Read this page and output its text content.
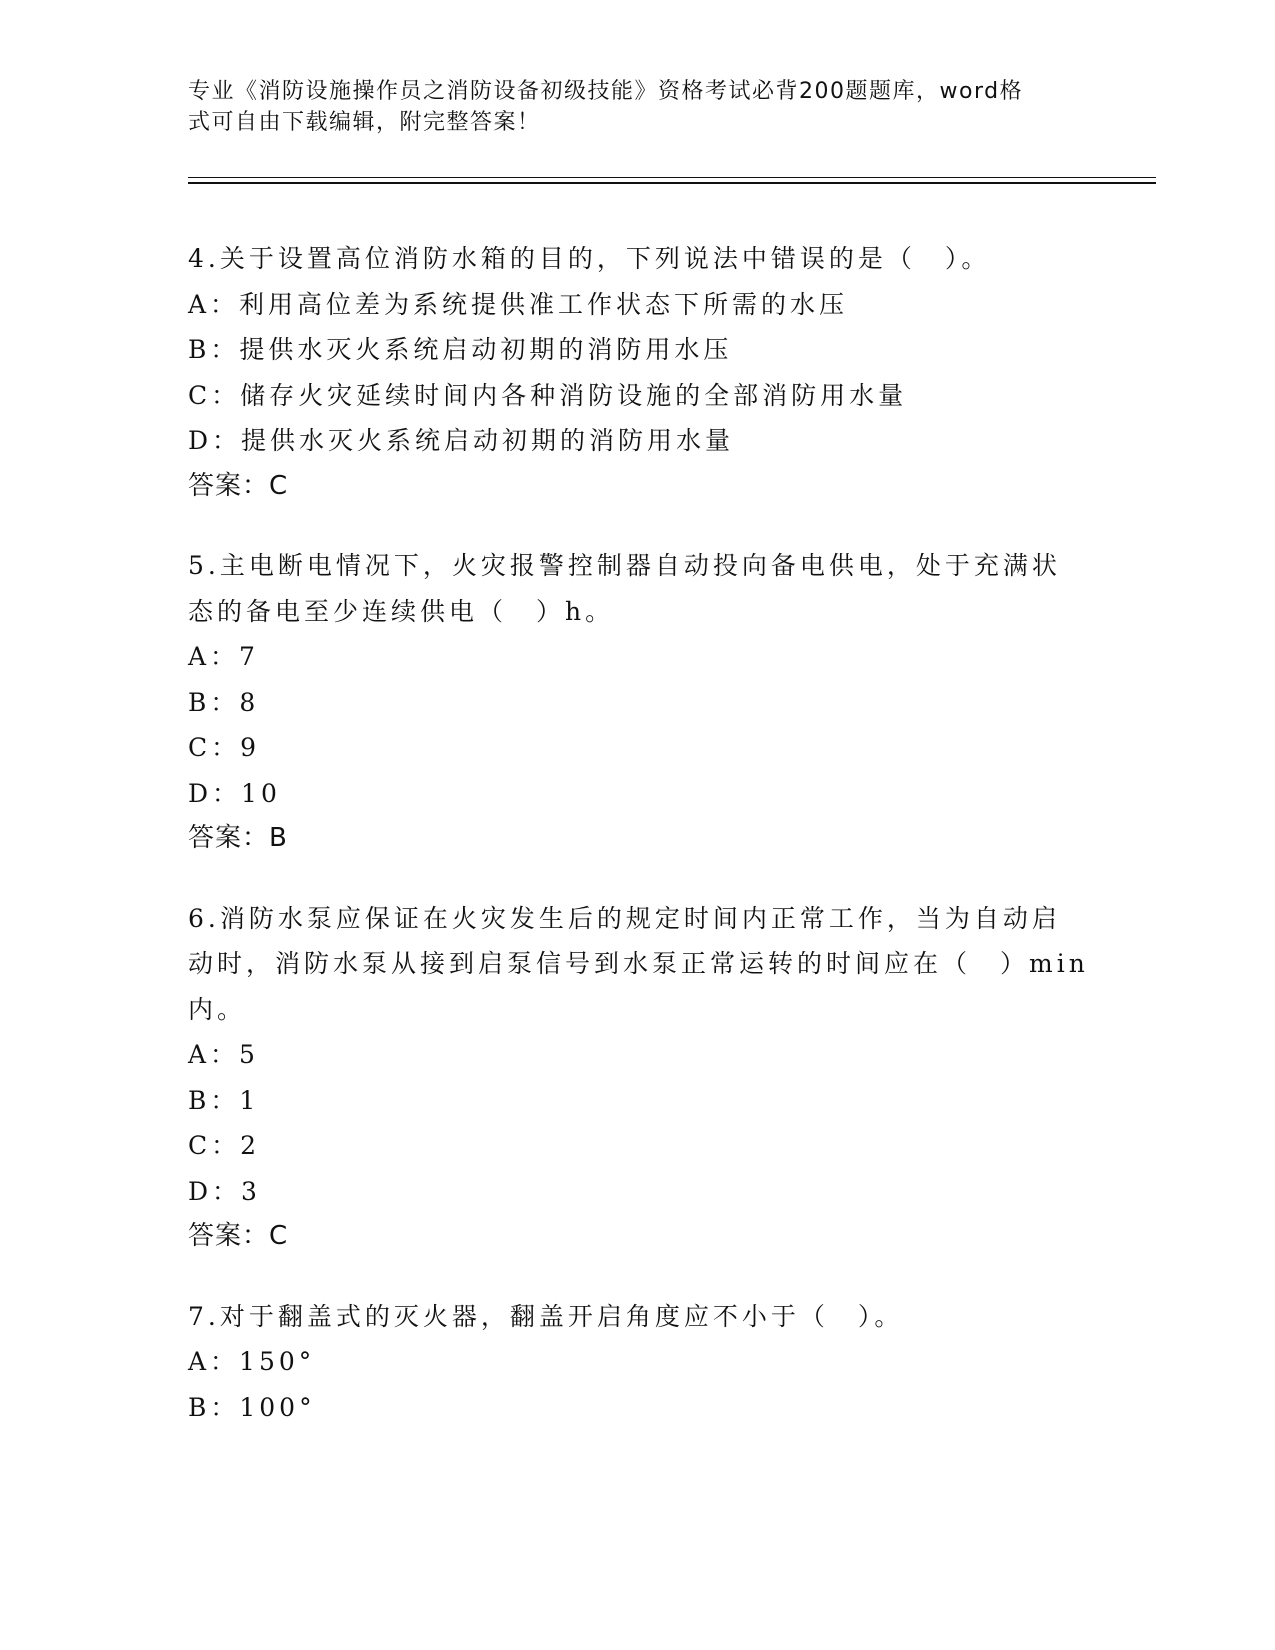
专业《消防设施操作员之消防设备初级技能》资格考试必背200题题库，word格
式可自由下载编辑，附完整答案！
4.关于设置高位消防水箱的目的，下列说法中错误的是（　）。
A：利用高位差为系统提供准工作状态下所需的水压
B：提供水灭火系统启动初期的消防用水压
C：储存火灾延续时间内各种消防设施的全部消防用水量
D：提供水灭火系统启动初期的消防用水量
答案：C
5.主电断电情况下，火灾报警控制器自动投向备电供电，处于充满状
态的备电至少连续供电（　）h。
A：7
B：8
C：9
D：10
答案：B
6.消防水泵应保证在火灾发生后的规定时间内正常工作，当为自动启
动时，消防水泵从接到启泵信号到水泵正常运转的时间应在（　）min
内。
A：5
B：1
C：2
D：3
答案：C
7.对于翻盖式的灭火器，翻盖开启角度应不小于（　）。
A：150°
B：100°
